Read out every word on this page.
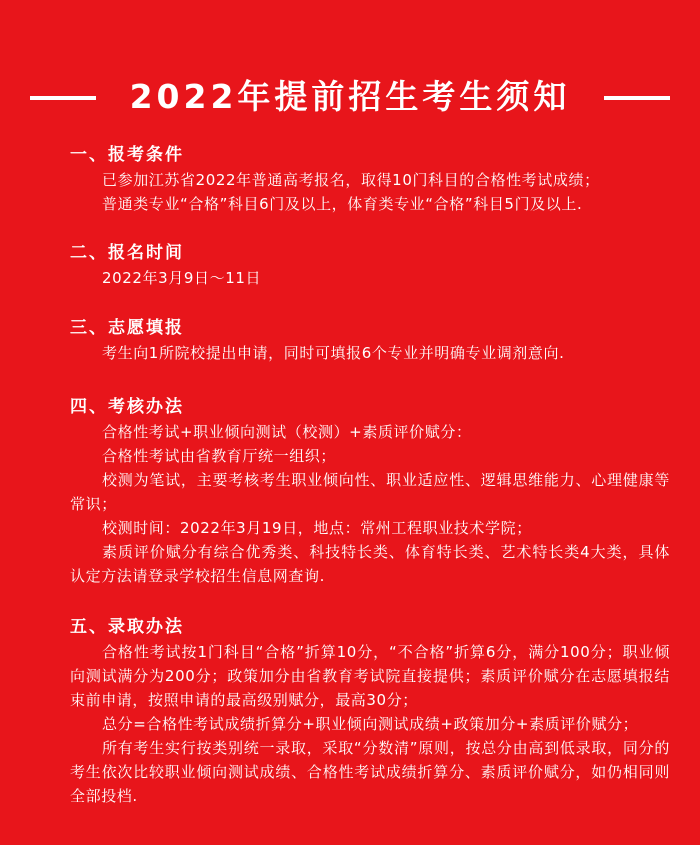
2022年提前招生考生须知
一、报考条件

已参加江苏省2022年普通高考报名，取得10门科目的合格性考试成绩；

普通类专业“合格”科目6门及以上，体育类专业“合格”科目5门及以上.

二、报名时间

2022年3月9日～11日

三、志愿填报

考生向1所院校提出申请，同时可填报6个专业并明确专业调剂意向.

四、考核办法

合格性考试+职业倾向测试（校测）+素质评价赋分：

合格性考试由省教育厅统一组织；

校测为笔试，主要考核考生职业倾向性、职业适应性、逻辑思维能力、心理健康等常识；

校测时间：2022年3月19日，地点：常州工程职业技术学院；

素质评价赋分有综合优秀类、科技特长类、体育特长类、艺术特长类4大类，具体认定方法请登录学校招生信息网查询.

五、录取办法

合格性考试按1门科目“合格”折算10分，“不合格”折算6分，满分100分；职业倾向测试满分为200分；政策加分由省教育考试院直接提供；素质评价赋分在志愿填报结束前申请，按照申请的最高级别赋分，最高30分；

总分=合格性考试成绩折算分+职业倾向测试成绩+政策加分+素质评价赋分；

所有考生实行按类别统一录取，采取“分数清”原则，按总分由高到低录取，同分的考生依次比较职业倾向测试成绩、合格性考试成绩折算分、素质评价赋分，如仍相同则全部投档.
